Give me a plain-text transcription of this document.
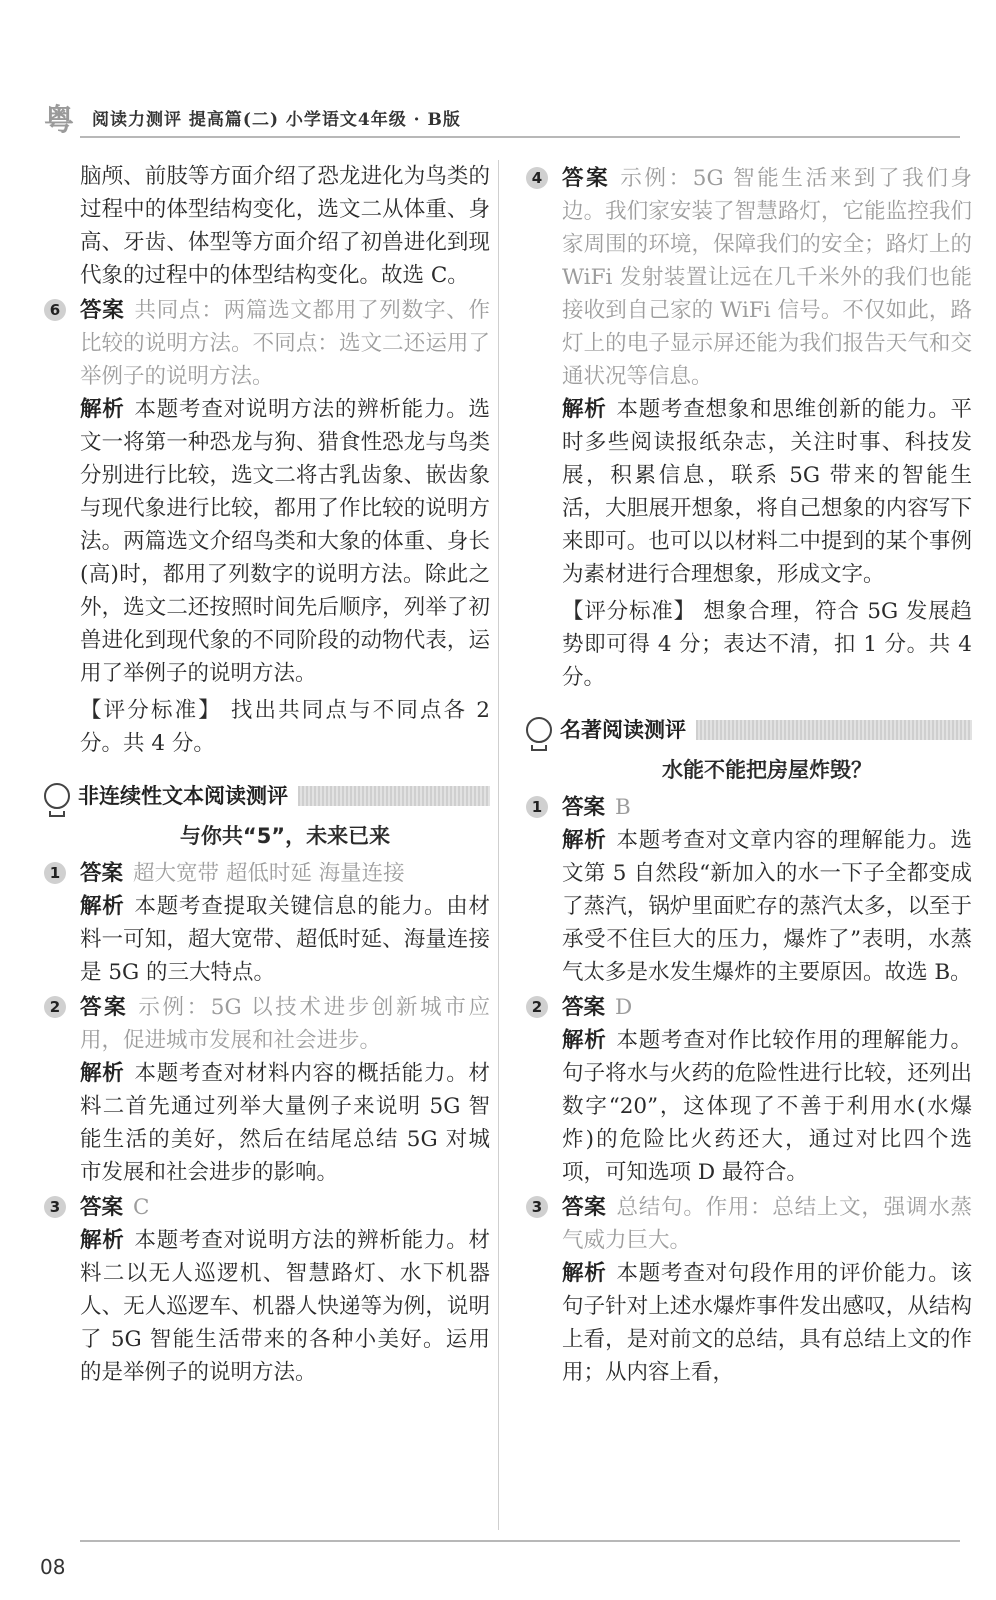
粤 阅读力测评 提高篇(二) 小学语文4年级 · B版

脑颅、前肢等方面介绍了恐龙进化为鸟类的过程中的体型结构变化，选文二从体重、身高、牙齿、体型等方面介绍了初兽进化到现代象的过程中的体型结构变化。故选 C。

6 答案 共同点：两篇选文都用了列数字、作比较的说明方法。不同点：选文二还运用了举例子的说明方法。

解析 本题考查对说明方法的辨析能力。选文一将第一种恐龙与狗、猎食性恐龙与鸟类分别进行比较，选文二将古乳齿象、嵌齿象与现代象进行比较，都用了作比较的说明方法。两篇选文介绍鸟类和大象的体重、身长(高)时，都用了列数字的说明方法。除此之外，选文二还按照时间先后顺序，列举了初兽进化到现代象的不同阶段的动物代表，运用了举例子的说明方法。

【评分标准】 找出共同点与不同点各 2 分。共 4 分。

非连续性文本阅读测评
与你共“5”，未来已来
1 答案 超大宽带 超低时延 海量连接

解析 本题考查提取关键信息的能力。由材料一可知，超大宽带、超低时延、海量连接是 5G 的三大特点。

2 答案 示例：5G 以技术进步创新城市应用，促进城市发展和社会进步。

解析 本题考查对材料内容的概括能力。材料二首先通过列举大量例子来说明 5G 智能生活的美好，然后在结尾总结 5G 对城市发展和社会进步的影响。

3 答案 C

解析 本题考查对说明方法的辨析能力。材料二以无人巡逻机、智慧路灯、水下机器人、无人巡逻车、机器人快递等为例，说明了 5G 智能生活带来的各种小美好。运用的是举例子的说明方法。

4 答案 示例：5G 智能生活来到了我们身边。我们家安装了智慧路灯，它能监控我们家周围的环境，保障我们的安全；路灯上的 WiFi 发射装置让远在几千米外的我们也能接收到自己家的 WiFi 信号。不仅如此，路灯上的电子显示屏还能为我们报告天气和交通状况等信息。

解析 本题考查想象和思维创新的能力。平时多些阅读报纸杂志，关注时事、科技发展，积累信息，联系 5G 带来的智能生活，大胆展开想象，将自己想象的内容写下来即可。也可以以材料二中提到的某个事例为素材进行合理想象，形成文字。

【评分标准】 想象合理，符合 5G 发展趋势即可得 4 分；表达不清，扣 1 分。共 4 分。

名著阅读测评
水能不能把房屋炸毁？
1 答案 B

解析 本题考查对文章内容的理解能力。选文第 5 自然段“新加入的水一下子全都变成了蒸汽，锅炉里面贮存的蒸汽太多，以至于承受不住巨大的压力，爆炸了”表明，水蒸气太多是水发生爆炸的主要原因。故选 B。

2 答案 D

解析 本题考查对作比较作用的理解能力。句子将水与火药的危险性进行比较，还列出数字“20”，这体现了不善于利用水(水爆炸)的危险比火药还大，通过对比四个选项，可知选项 D 最符合。

3 答案 总结句。作用：总结上文，强调水蒸气威力巨大。

解析 本题考查对句段作用的评价能力。该句子针对上述水爆炸事件发出感叹，从结构上看，是对前文的总结，具有总结上文的作用；从内容上看，

08
